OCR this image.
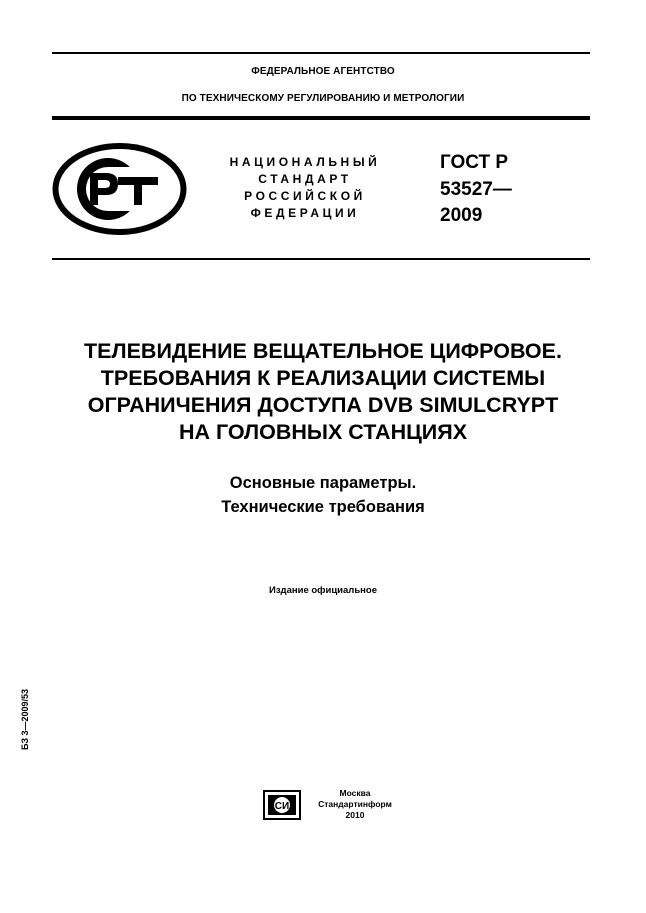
ФЕДЕРАЛЬНОЕ АГЕНТСТВО
ПО ТЕХНИЧЕСКОМУ РЕГУЛИРОВАНИЮ И МЕТРОЛОГИИ
НАЦИОНАЛЬНЫЙ
СТАНДАРТ
РОССИЙСКОЙ
ФЕДЕРАЦИИ
ГОСТ Р
53527—
2009
ТЕЛЕВИДЕНИЕ ВЕЩАТЕЛЬНОЕ ЦИФРОВОЕ.
ТРЕБОВАНИЯ К РЕАЛИЗАЦИИ СИСТЕМЫ
ОГРАНИЧЕНИЯ ДОСТУПА DVB SIMULCRYPT
НА ГОЛОВНЫХ СТАНЦИЯХ
Основные параметры.
Технические требования
Издание официальное
БЗ 3—2009/53
СИ
Москва
Стандартинформ
2010
